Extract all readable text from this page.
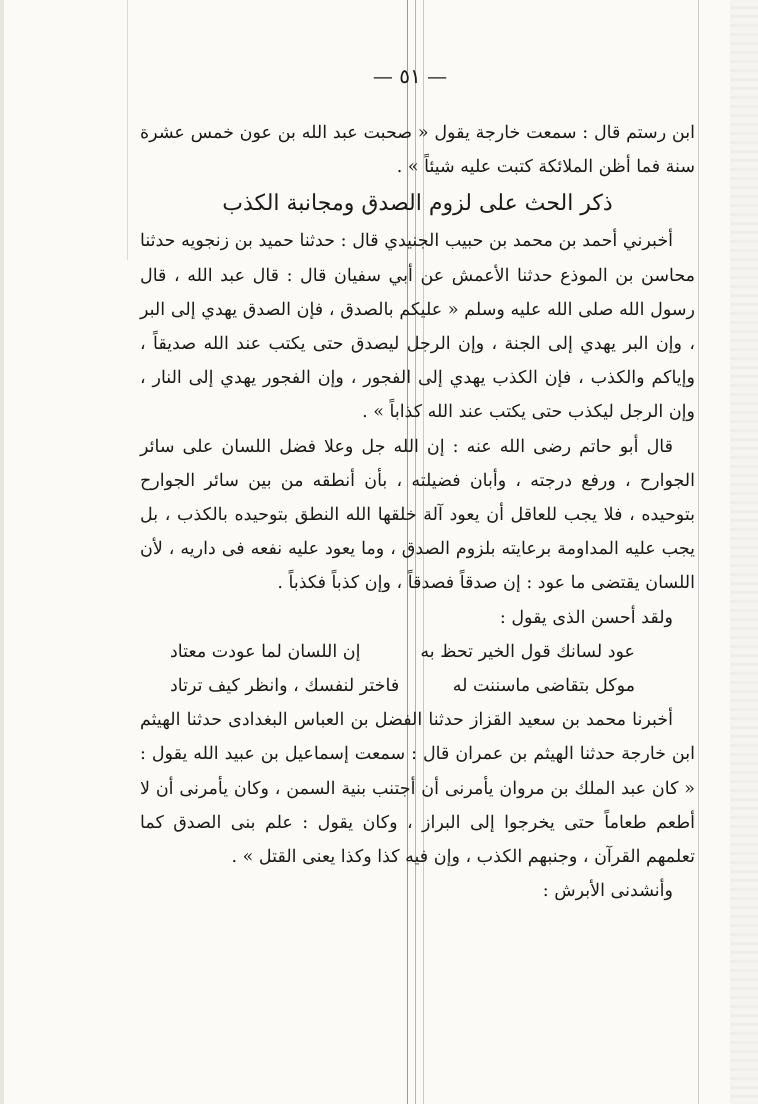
— ٥١ —

ابن رستم قال : سمعت خارجة يقول « صحبت عبد الله بن عون خمس عشرة سنة فما أظن الملائكة كتبت عليه شيئاً » .

ذكر الحث على لزوم الصدق ومجانبة الكذب

أخبرني أحمد بن محمد بن حبيب الجنيدي قال : حدثنا حميد بن زنجويه حدثنا محاسن بن الموذع حدثنا الأعمش عن أبي سفيان قال : قال عبد الله ، قال رسول الله صلى الله عليه وسلم « عليكم بالصدق ، فإن الصدق يهدي إلى البر ، وإن البر يهدي إلى الجنة ، وإن الرجل ليصدق حتى يكتب عند الله صديقاً ، وإياكم والكذب ، فإن الكذب يهدي إلى الفجور ، وإن الفجور يهدي إلى النار ، وإن الرجل ليكذب حتى يكتب عند الله كذاباً » .

قال أبو حاتم رضى الله عنه : إن الله جل وعلا فضل اللسان على سائر الجوارح ، ورفع درجته ، وأبان فضيلته ، بأن أنطقه من بين سائر الجوارح بتوحيده ، فلا يجب للعاقل أن يعود آلة خلقها الله النطق بتوحيده بالكذب ، بل يجب عليه المداومة برعايته بلزوم الصدق ، وما يعود عليه نفعه فى داريه ، لأن اللسان يقتضى ما عود : إن صدقاً فصدقاً ، وإن كذباً فكذباً .

ولقد أحسن الذى يقول :

عود لسانك قول الخير تحظ به
إن اللسان لما عودت معتاد
موكل بتقاضى ماسننت له
فاختر لنفسك ، وانظر كيف ترتاد

أخبرنا محمد بن سعيد القزاز حدثنا الفضل بن العباس البغدادى حدثنا الهيثم ابن خارجة حدثنا الهيثم بن عمران قال : سمعت إسماعيل بن عبيد الله يقول : « كان عبد الملك بن مروان يأمرنى أن أجتنب بنية السمن ، وكان يأمرنى أن لا أطعم طعاماً حتى يخرجوا إلى البراز ، وكان يقول : علم بنى الصدق كما تعلمهم القرآن ، وجنبهم الكذب ، وإن فيه كذا وكذا يعنى القتل » .

وأنشدنى الأبرش :
